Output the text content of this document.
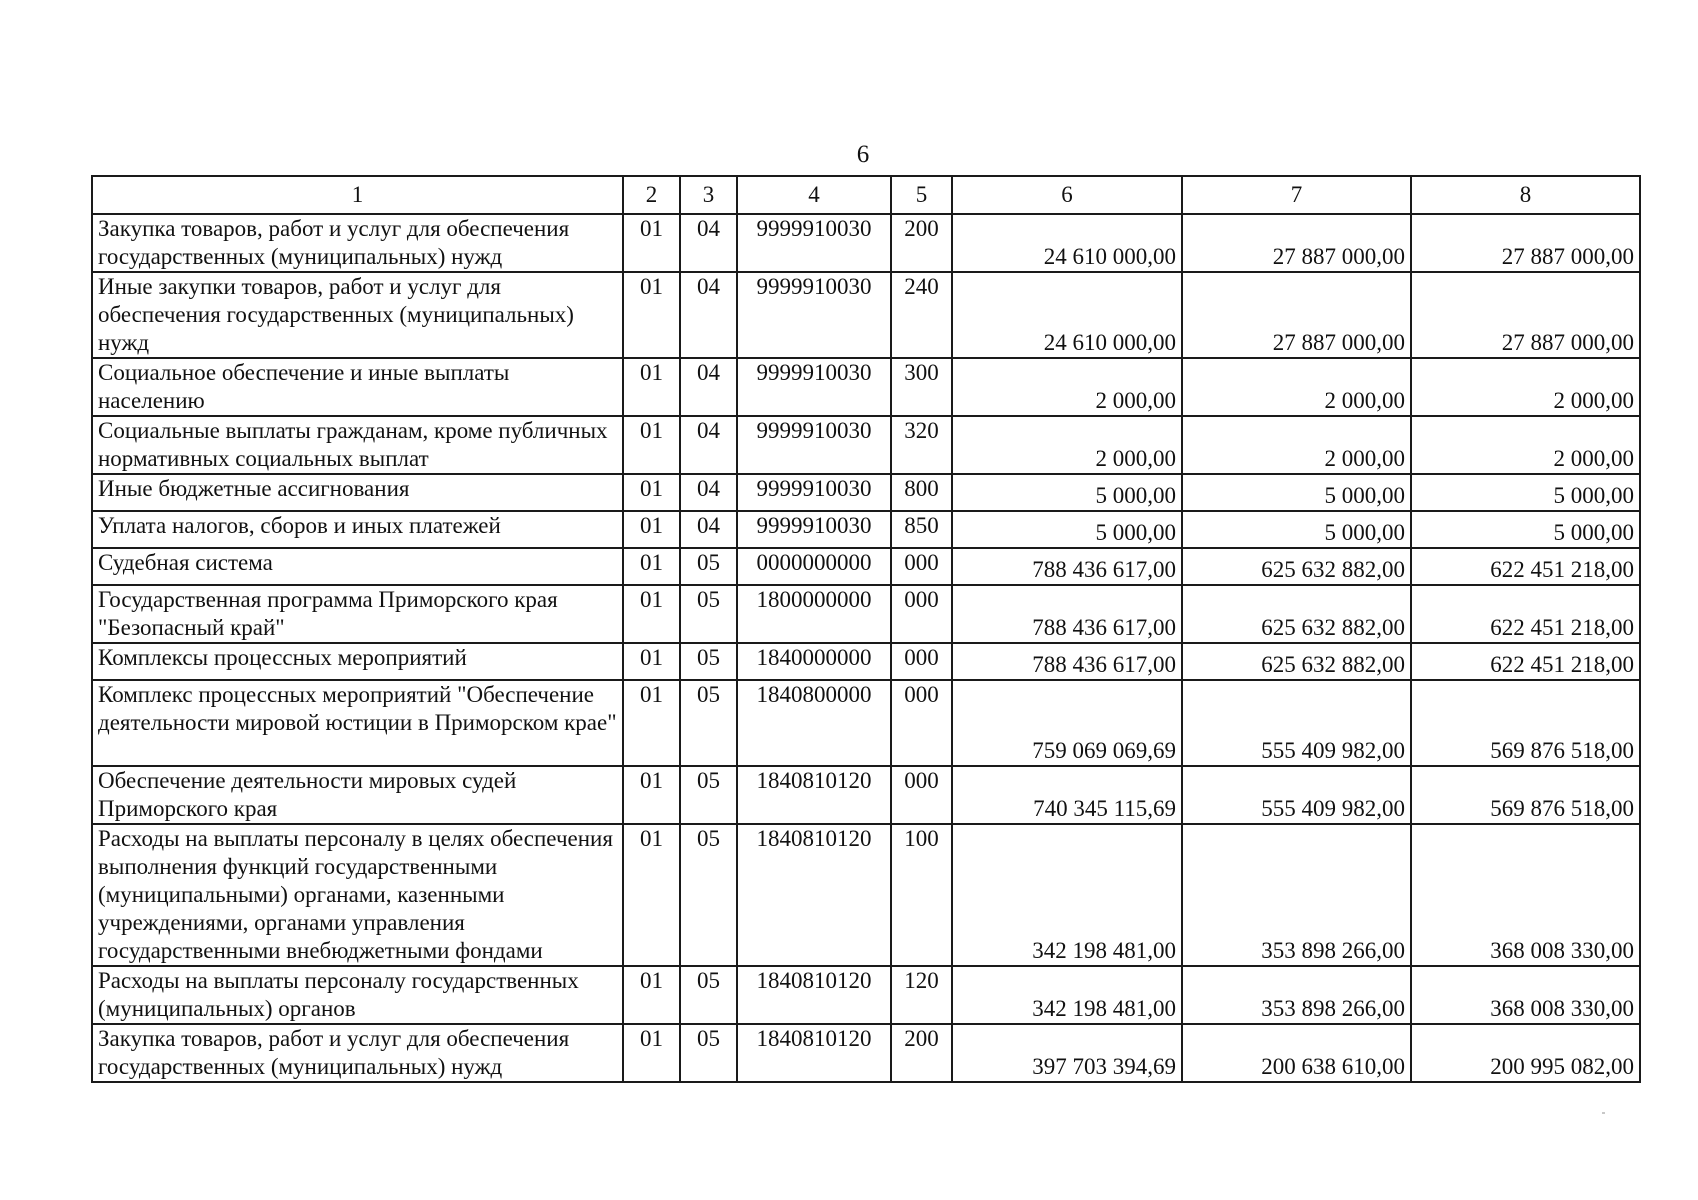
6
1	2	3	4	5	6	7	8
Закупка товаров, работ и услуг для обеспечения государственных (муниципальных) нужд	01	04	9999910030	200	24 610 000,00	27 887 000,00	27 887 000,00
Иные закупки товаров, работ и услуг для обеспечения государственных (муниципальных) нужд	01	04	9999910030	240	24 610 000,00	27 887 000,00	27 887 000,00
Социальное обеспечение и иные выплаты населению	01	04	9999910030	300	2 000,00	2 000,00	2 000,00
Социальные выплаты гражданам, кроме публичных нормативных социальных выплат	01	04	9999910030	320	2 000,00	2 000,00	2 000,00
Иные бюджетные ассигнования	01	04	9999910030	800	5 000,00	5 000,00	5 000,00
Уплата налогов, сборов и иных платежей	01	04	9999910030	850	5 000,00	5 000,00	5 000,00
Судебная система	01	05	0000000000	000	788 436 617,00	625 632 882,00	622 451 218,00
Государственная программа Приморского края "Безопасный край"	01	05	1800000000	000	788 436 617,00	625 632 882,00	622 451 218,00
Комплексы процессных мероприятий	01	05	1840000000	000	788 436 617,00	625 632 882,00	622 451 218,00
Комплекс процессных мероприятий "Обеспечение деятельности мировой юстиции в Приморском крае"	01	05	1840800000	000	759 069 069,69	555 409 982,00	569 876 518,00
Обеспечение деятельности мировых судей Приморского края	01	05	1840810120	000	740 345 115,69	555 409 982,00	569 876 518,00
Расходы на выплаты персоналу в целях обеспечения выполнения функций государственными (муниципальными) органами, казенными учреждениями, органами управления государственными внебюджетными фондами	01	05	1840810120	100	342 198 481,00	353 898 266,00	368 008 330,00
Расходы на выплаты персоналу государственных (муниципальных) органов	01	05	1840810120	120	342 198 481,00	353 898 266,00	368 008 330,00
Закупка товаров, работ и услуг для обеспечения государственных (муниципальных) нужд	01	05	1840810120	200	397 703 394,69	200 638 610,00	200 995 082,00
